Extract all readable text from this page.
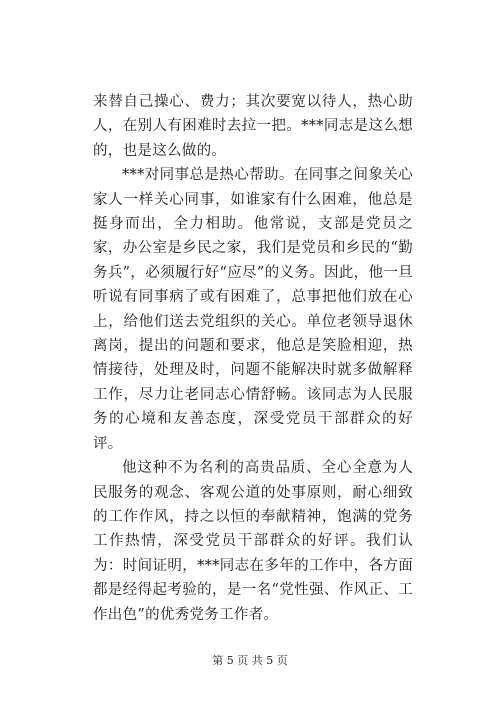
来替自己操心、费力；其次要宽以待人，热心助人，在别人有困难时去拉一把。***同志是这么想的，也是这么做的。

***对同事总是热心帮助。在同事之间象关心家人一样关心同事，如谁家有什么困难，他总是挺身而出，全力相助。他常说，支部是党员之家，办公室是乡民之家，我们是党员和乡民的“勤务兵”，必须履行好“应尽”的义务。因此，他一旦听说有同事病了或有困难了，总事把他们放在心上，给他们送去党组织的关心。单位老领导退休离岗，提出的问题和要求，他总是笑脸相迎，热情接待，处理及时，问题不能解决时就多做解释工作，尽力让老同志心情舒畅。该同志为人民服务的心境和友善态度，深受党员干部群众的好评。

他这种不为名利的高贵品质、全心全意为人民服务的观念、客观公道的处事原则，耐心细致的工作作风，持之以恒的奉献精神，饱满的党务工作热情，深受党员干部群众的好评。我们认为：时间证明，***同志在多年的工作中，各方面都是经得起考验的，是一名“党性强、作风正、工作出色”的优秀党务工作者。

第 5 页 共 5 页
